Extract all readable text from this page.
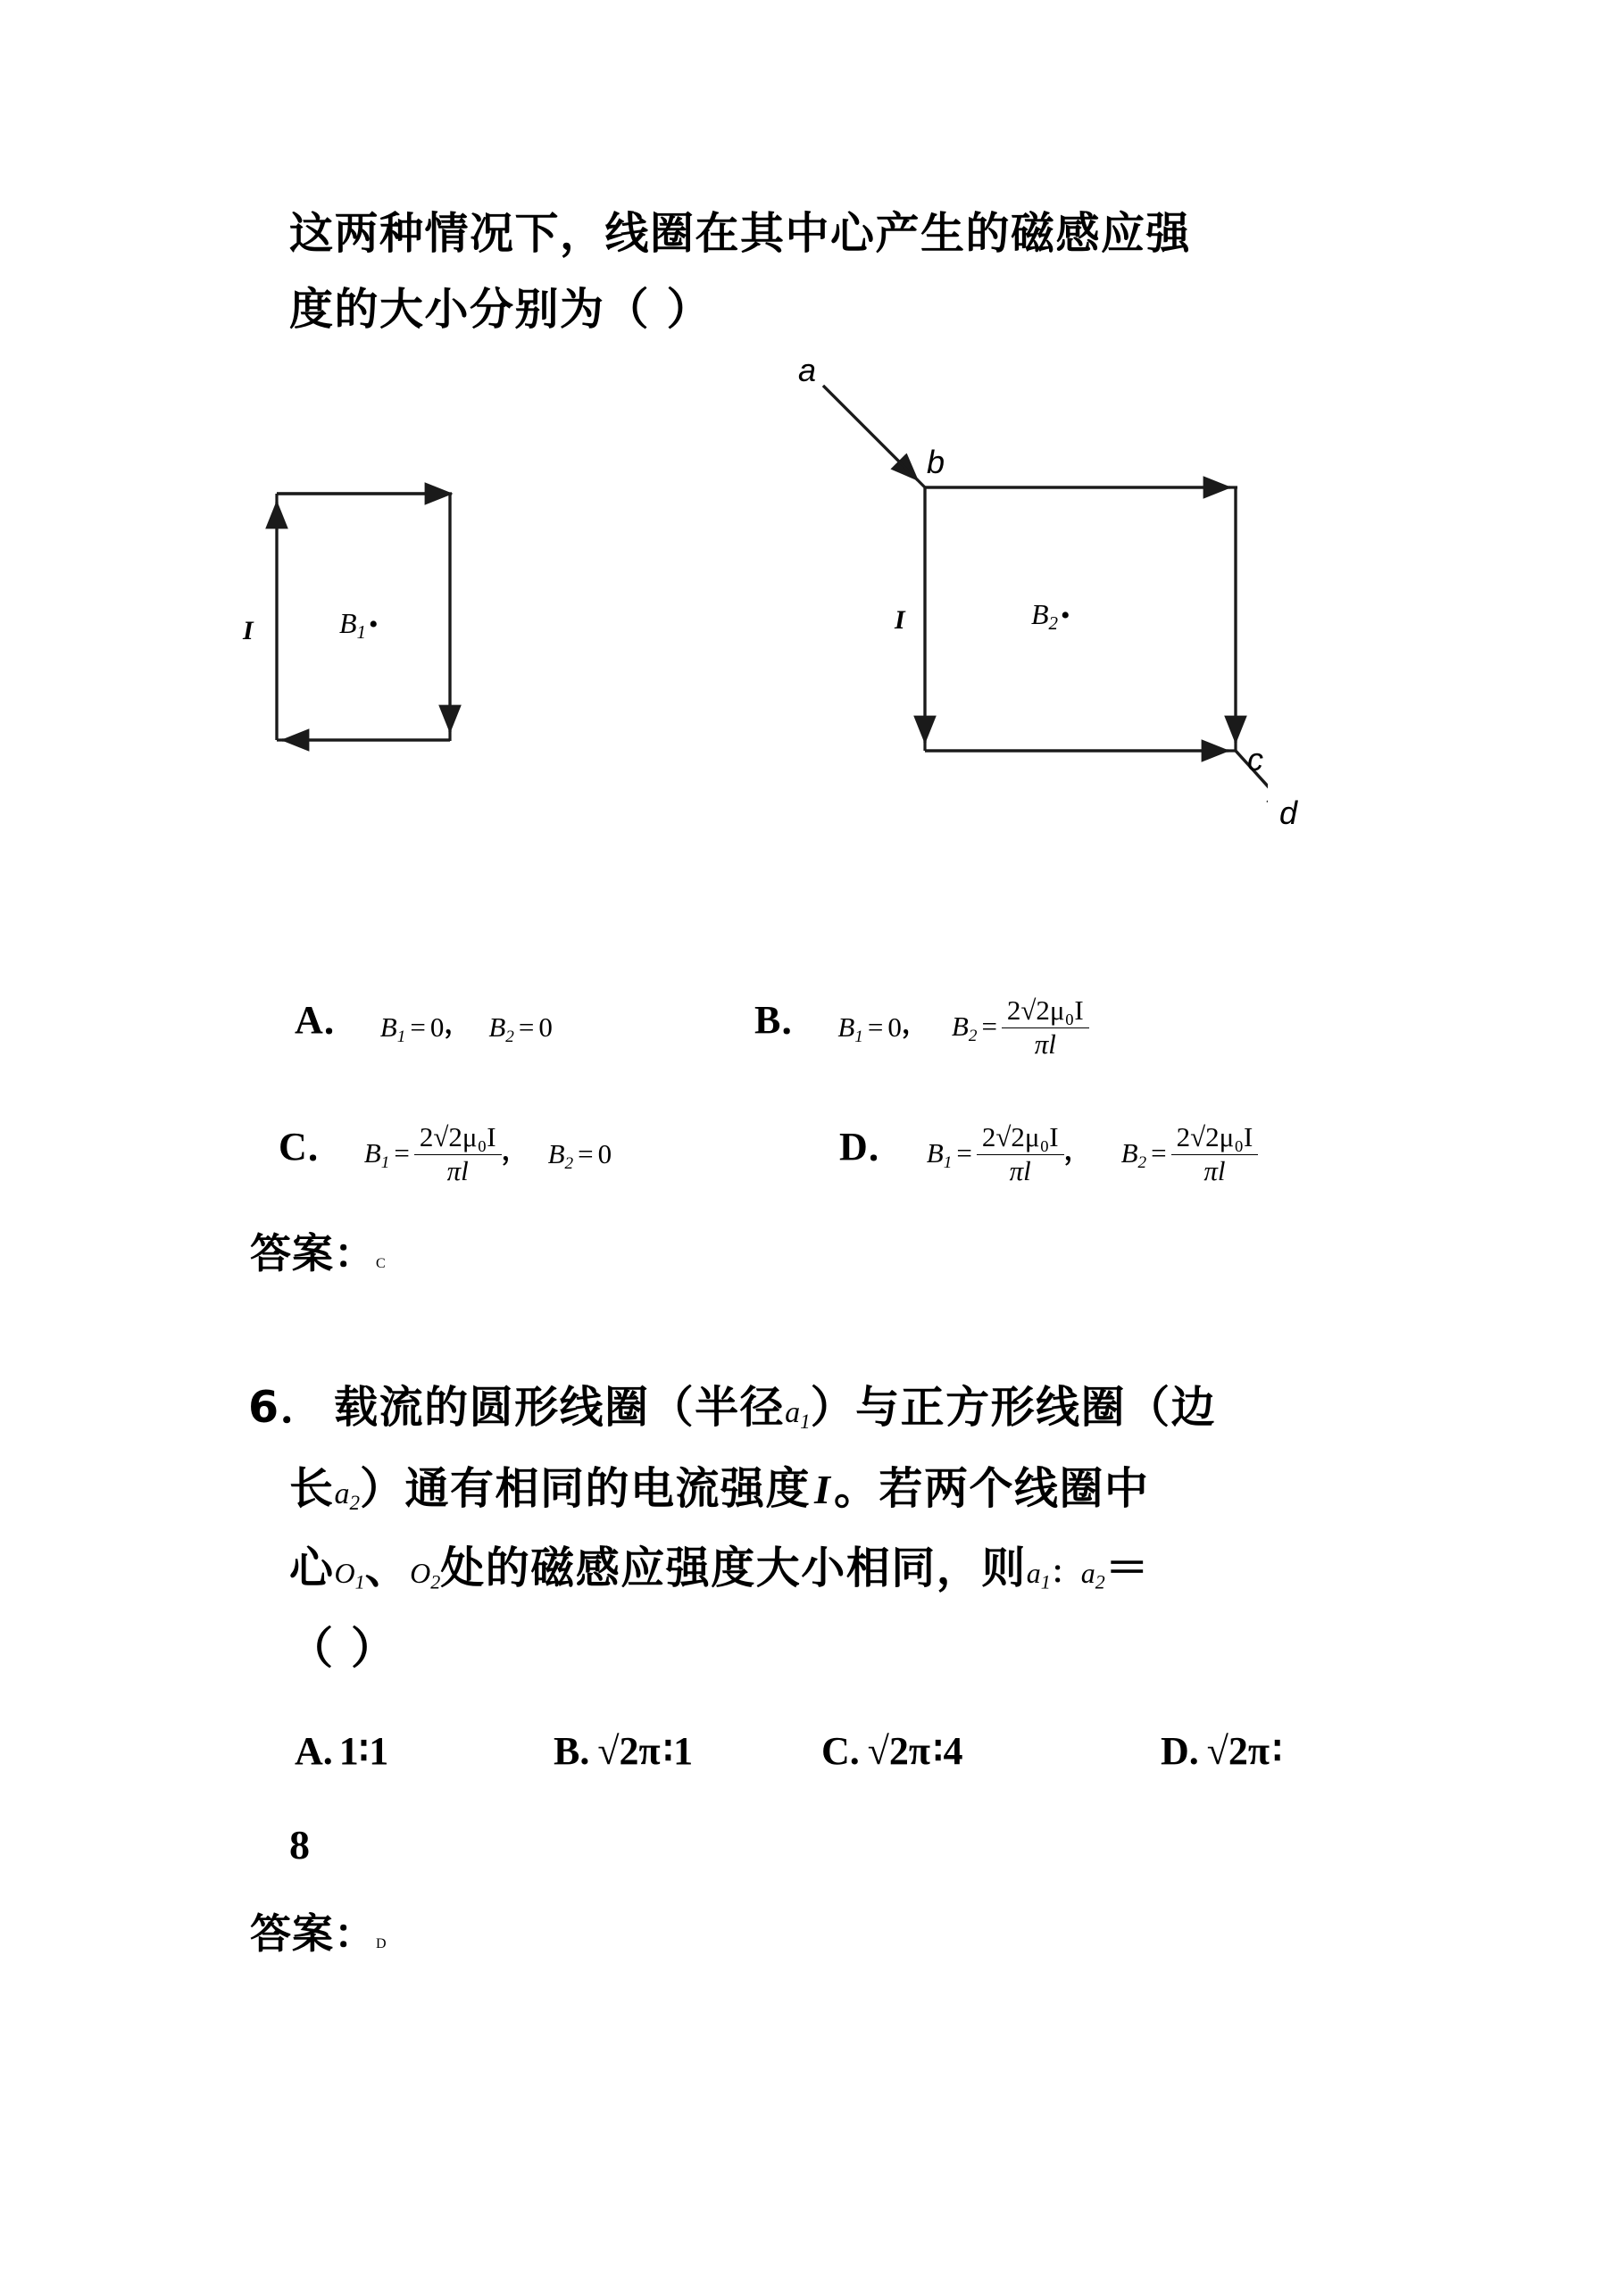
这两种情况下，线圈在其中心产生的磁感应强
度的大小分别为（ ）
I	B1 •
a
b
c
d
I	B2 •
A． $B_1 = 0$， $B_2 = 0$	B． $B_1 = 0$， $B_2 = \frac{\text{2√2μ₀I}}{\pi l}$
C． $B_1 = \frac{\text{2√2μ₀I}}{\pi l}$ ， $B_2 = 0$	D． $B_1 = \frac{\text{2√2μ₀I}}{\pi l}$ ， $B_2 = \frac{\text{2√2μ₀I}}{\pi l}$
答案：C
6． 载流的圆形线圈（半径a1）与正方形线圈（边
长a2）通有相同的电流强度I。若两个线圈中
心O1、O2处的磁感应强度大小相同，则a1：a2＝
（ ）
A. 1∶1	B. √2π∶1	C. √2π∶4	D. √2π∶
8
答案：D
